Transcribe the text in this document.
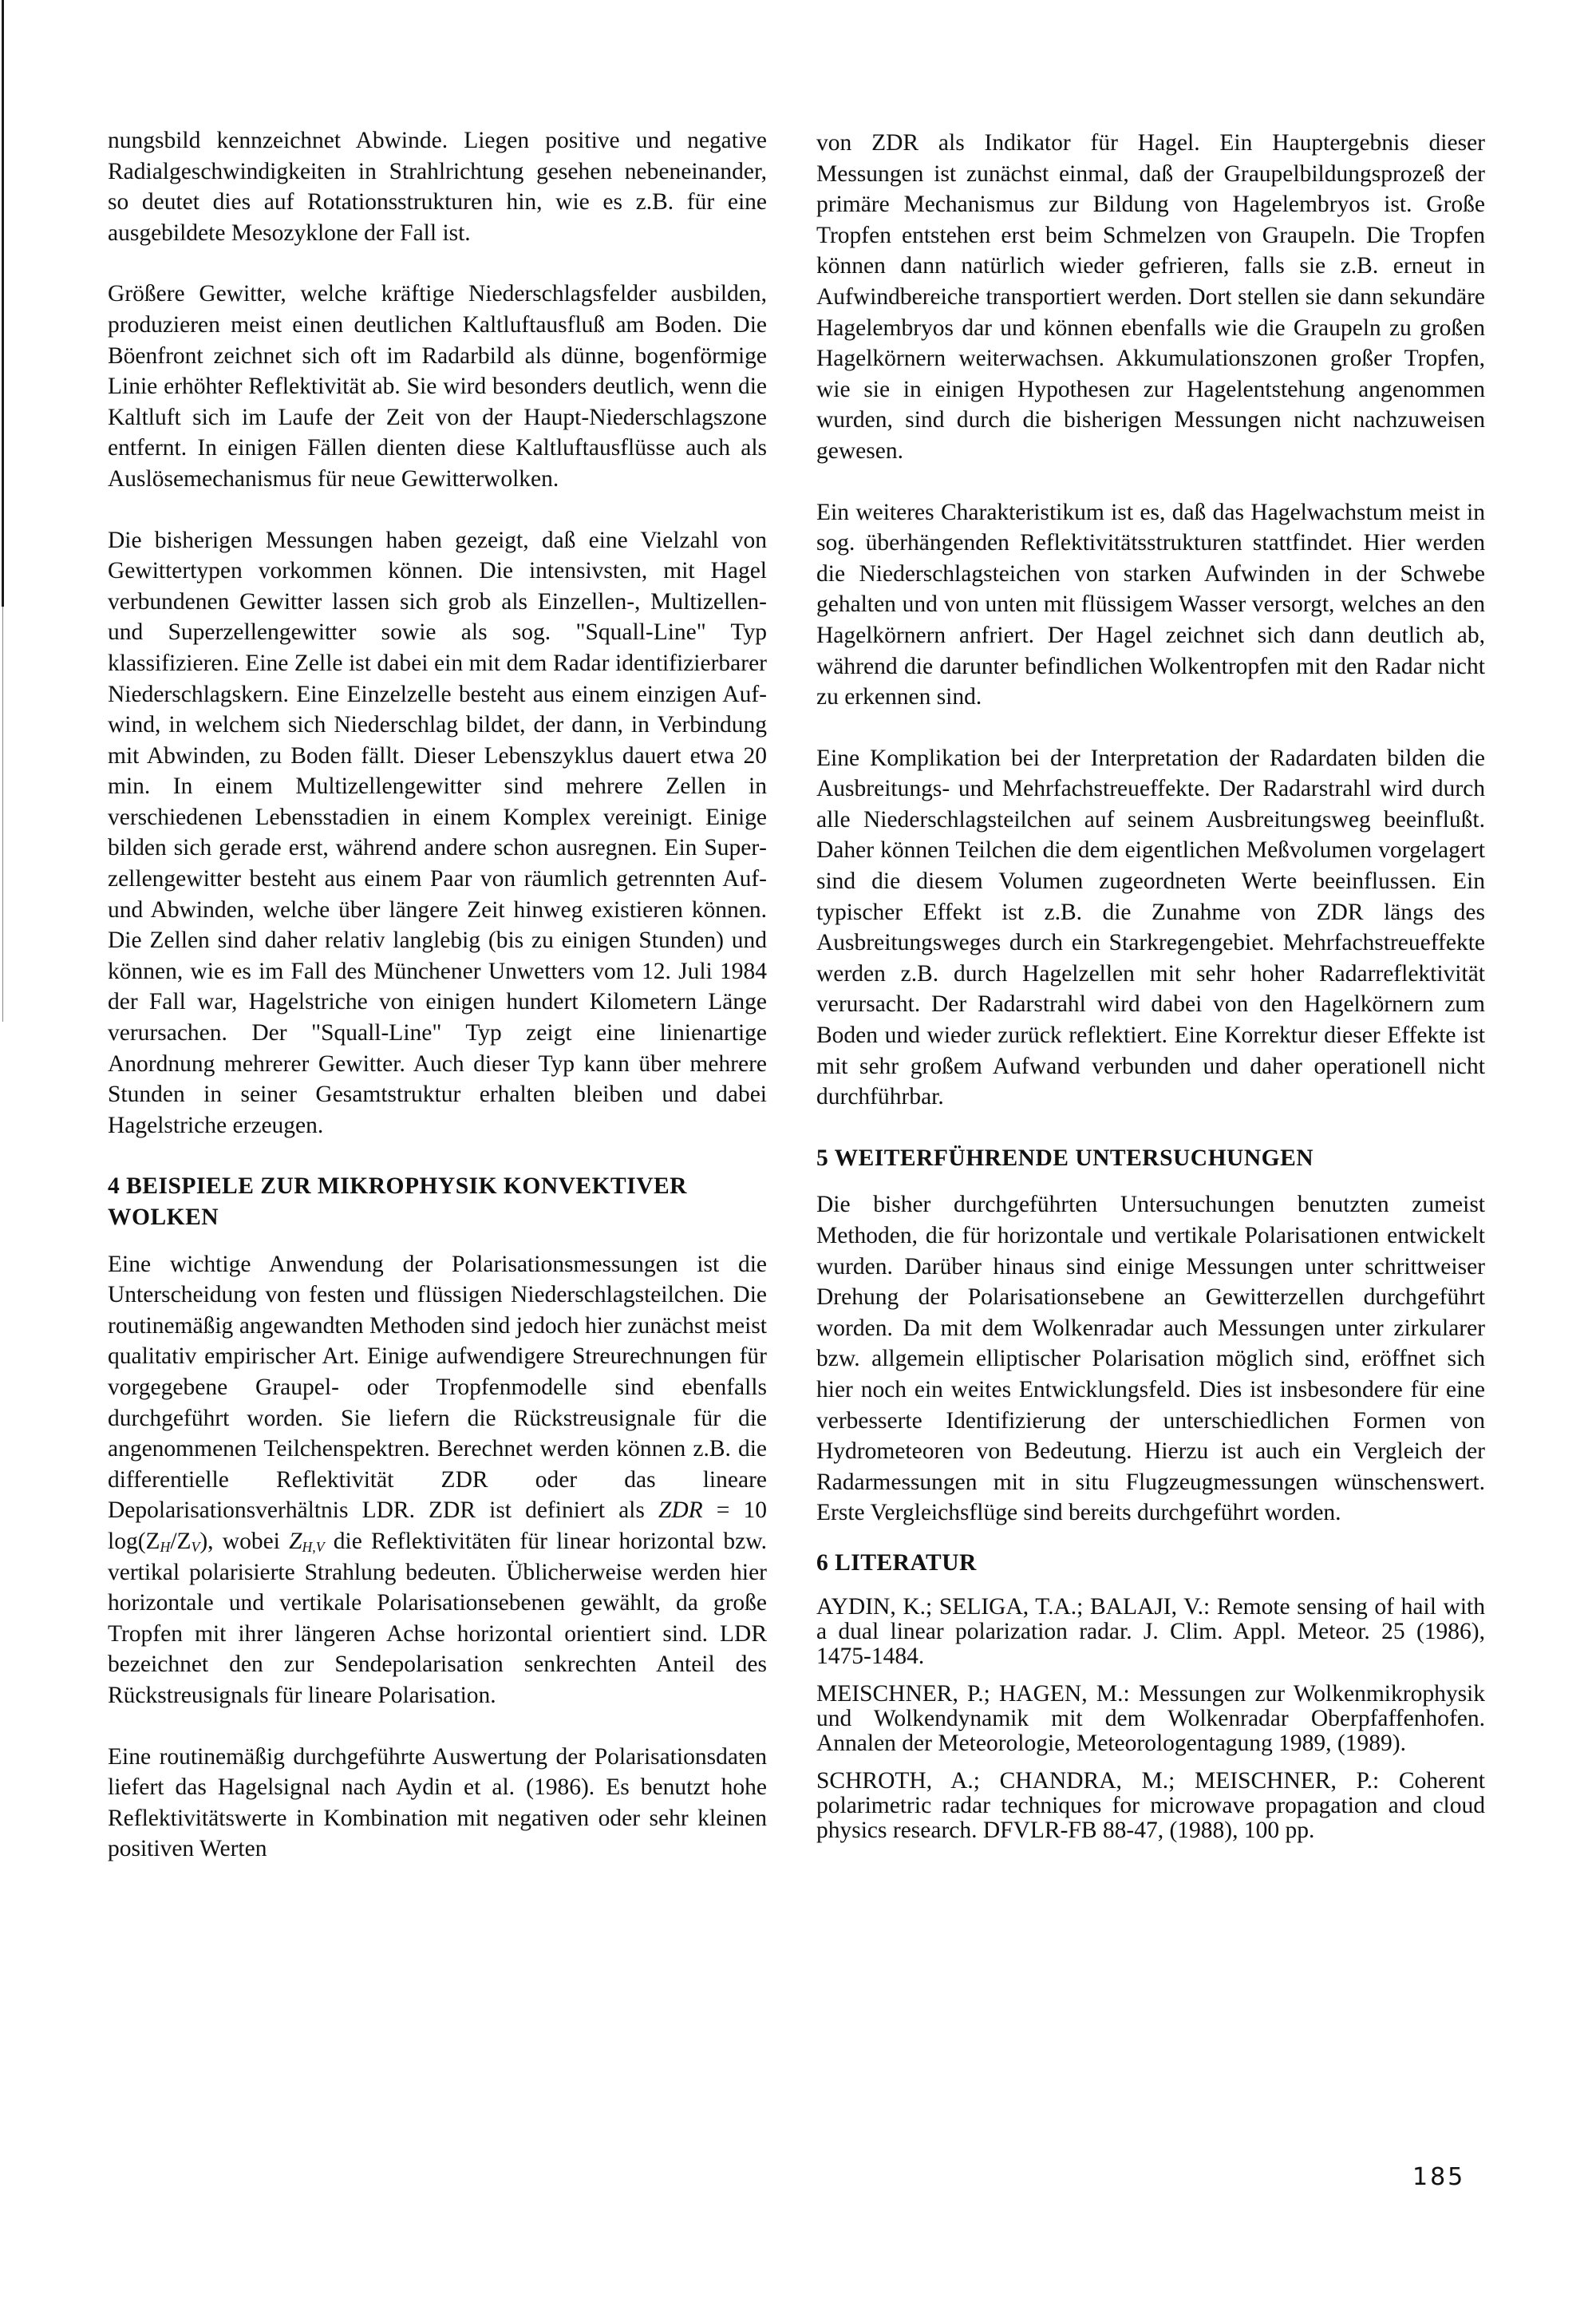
nungsbild kennzeichnet Abwinde. Liegen positive und negative Radialgeschwindigkeiten in Strahlrichtung gesehen nebeneinander, so deutet dies auf Rotationsstrukturen hin, wie es z.B. für eine ausgebildete Mesozyklone der Fall ist.

Größere Gewitter, welche kräftige Niederschlagsfelder ausbilden, produzieren meist einen deutlichen Kaltluftausfluß am Boden. Die Böenfront zeichnet sich oft im Radarbild als dünne, bogenförmige Linie erhöhter Reflektivität ab. Sie wird besonders deutlich, wenn die Kaltluft sich im Laufe der Zeit von der Haupt-Niederschlagszone entfernt. In einigen Fällen dienten diese Kaltluftausflüsse auch als Auslösemechanismus für neue Gewitterwolken.

Die bisherigen Messungen haben gezeigt, daß eine Vielzahl von Gewittertypen vorkommen können. Die intensivsten, mit Hagel verbundenen Gewitter lassen sich grob als Einzellen-, Multizellen- und Superzellengewitter sowie als sog. "Squall-Line" Typ klassifizieren. Eine Zelle ist dabei ein mit dem Radar identifizierbarer Niederschlagskern. Eine Einzelzelle besteht aus einem einzigen Aufwind, in welchem sich Niederschlag bildet, der dann, in Verbindung mit Abwinden, zu Boden fällt. Dieser Lebenszyklus dauert etwa 20 min. In einem Multizellengewitter sind mehrere Zellen in verschiedenen Lebensstadien in einem Komplex vereinigt. Einige bilden sich gerade erst, während andere schon ausregnen. Ein Superzellengewitter besteht aus einem Paar von räumlich getrennten Auf- und Abwinden, welche über längere Zeit hinweg existieren können. Die Zellen sind daher relativ langlebig (bis zu einigen Stunden) und können, wie es im Fall des Münchener Unwetters vom 12. Juli 1984 der Fall war, Hagelstriche von einigen hundert Kilometern Länge verursachen. Der "Squall-Line" Typ zeigt eine linienartige Anordnung mehrerer Gewitter. Auch dieser Typ kann über mehrere Stunden in seiner Gesamtstruktur erhalten bleiben und dabei Hagelstriche erzeugen.

4 BEISPIELE ZUR MIKROPHYSIK KONVEKTIVER WOLKEN

Eine wichtige Anwendung der Polarisationsmessungen ist die Unterscheidung von festen und flüssigen Niederschlagsteilchen. Die routinemäßig angewandten Methoden sind jedoch hier zunächst meist qualitativ empirischer Art. Einige aufwendigere Streurechnungen für vorgegebene Graupel- oder Tropfenmodelle sind ebenfalls durchgeführt worden. Sie liefern die Rückstreusignale für die angenommenen Teilchenspektren. Berechnet werden können z.B. die differentielle Reflektivität ZDR oder das lineare Depolarisationsverhältnis LDR. ZDR ist definiert als ZDR = 10 $\log(Z_H/Z_V)$, wobei $Z_{H,V}$ die Reflektivitäten für linear horizontal bzw. vertikal polarisierte Strahlung bedeuten. Üblicherweise werden hier horizontale und vertikale Polarisationsebenen gewählt, da große Tropfen mit ihrer längeren Achse horizontal orientiert sind. LDR bezeichnet den zur Sendepolarisation senkrechten Anteil des Rückstreusignals für lineare Polarisation.

Eine routinemäßig durchgeführte Auswertung der Polarisationsdaten liefert das Hagelsignal nach Aydin et al. (1986). Es benutzt hohe Reflektivitätswerte in Kombination mit negativen oder sehr kleinen positiven Werten

von ZDR als Indikator für Hagel. Ein Hauptergebnis dieser Messungen ist zunächst einmal, daß der Graupelbildungsprozeß der primäre Mechanismus zur Bildung von Hagelembryos ist. Große Tropfen entstehen erst beim Schmelzen von Graupeln. Die Tropfen können dann natürlich wieder gefrieren, falls sie z.B. erneut in Aufwindbereiche transportiert werden. Dort stellen sie dann sekundäre Hagelembryos dar und können ebenfalls wie die Graupeln zu großen Hagelkörnern weiterwachsen. Akkumulationszonen großer Tropfen, wie sie in einigen Hypothesen zur Hagelentstehung angenommen wurden, sind durch die bisherigen Messungen nicht nachzuweisen gewesen.

Ein weiteres Charakteristikum ist es, daß das Hagelwachstum meist in sog. überhängenden Reflektivitätsstrukturen stattfindet. Hier werden die Niederschlagsteichen von starken Aufwinden in der Schwebe gehalten und von unten mit flüssigem Wasser versorgt, welches an den Hagelkörnern anfriert. Der Hagel zeichnet sich dann deutlich ab, während die darunter befindlichen Wolkentropfen mit den Radar nicht zu erkennen sind.

Eine Komplikation bei der Interpretation der Radardaten bilden die Ausbreitungs- und Mehrfachstreueffekte. Der Radarstrahl wird durch alle Niederschlagsteilchen auf seinem Ausbreitungsweg beeinflußt. Daher können Teilchen die dem eigentlichen Meßvolumen vorgelagert sind die diesem Volumen zugeordneten Werte beeinflussen. Ein typischer Effekt ist z.B. die Zunahme von ZDR längs des Ausbreitungsweges durch ein Starkregengebiet. Mehrfachstreueffekte werden z.B. durch Hagelzellen mit sehr hoher Radarreflektivität verursacht. Der Radarstrahl wird dabei von den Hagelkörnern zum Boden und wieder zurück reflektiert. Eine Korrektur dieser Effekte ist mit sehr großem Aufwand verbunden und daher operationell nicht durchführbar.

5 WEITERFÜHRENDE UNTERSUCHUNGEN

Die bisher durchgeführten Untersuchungen benutzten zumeist Methoden, die für horizontale und vertikale Polarisationen entwickelt wurden. Darüber hinaus sind einige Messungen unter schrittweiser Drehung der Polarisationsebene an Gewitterzellen durchgeführt worden. Da mit dem Wolkenradar auch Messungen unter zirkularer bzw. allgemein elliptischer Polarisation möglich sind, eröffnet sich hier noch ein weites Entwicklungsfeld. Dies ist insbesondere für eine verbesserte Identifizierung der unterschiedlichen Formen von Hydrometeoren von Bedeutung. Hierzu ist auch ein Vergleich der Radarmessungen mit in situ Flugzeugmessungen wünschenswert. Erste Vergleichsflüge sind bereits durchgeführt worden.

6 LITERATUR

AYDIN, K.; SELIGA, T.A.; BALAJI, V.: Remote sensing of hail with a dual linear polarization radar. J. Clim. Appl. Meteor. 25 (1986), 1475-1484.

MEISCHNER, P.; HAGEN, M.: Messungen zur Wolkenmikrophysik und Wolkendynamik mit dem Wolkenradar Oberpfaffenhofen. Annalen der Meteorologie, Meteorologentagung 1989, (1989).

SCHROTH, A.; CHANDRA, M.; MEISCHNER, P.: Coherent polarimetric radar techniques for microwave propagation and cloud physics research. DFVLR-FB 88-47, (1988), 100 pp.

185
